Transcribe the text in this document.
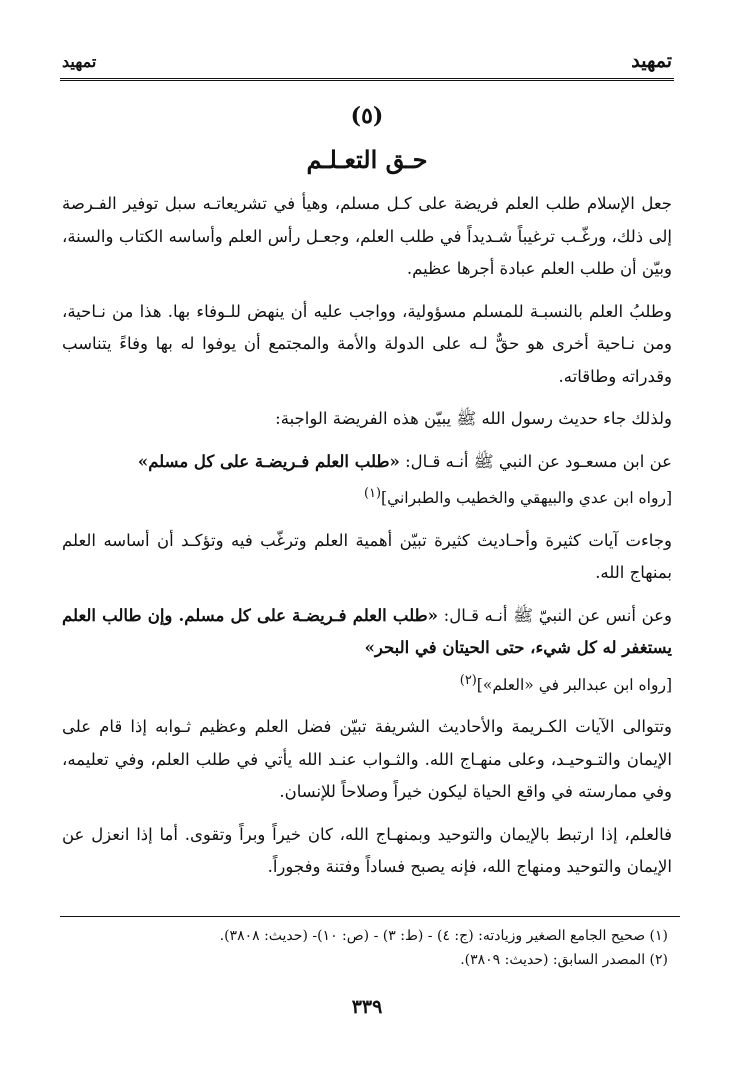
تمهيد
تمهيد
(٥)
حـق التعـلـم

جعل الإسلام طلب العلم فريضة على كـل مسلم، وهيأ في تشريعاتـه سبل توفير الفـرصة إلى ذلك، ورغّـب ترغيباً شـديداً في طلب العلم، وجعـل رأس العلم وأساسه الكتاب والسنة، وبيّن أن طلب العلم عبادة أجرها عظيم.

وطلبُ العلم بالنسبـة للمسلم مسؤولية، وواجب عليه أن ينهض للـوفاء بها. هذا من نـاحية، ومن نـاحية أخرى هو حقٌّ لـه على الدولة والأمة والمجتمع أن يوفوا له بها وفاءً يتناسب وقدراته وطاقاته.

ولذلك جاء حديث رسول الله ﷺ يبيّن هذه الفريضة الواجبة:

عن ابن مسعـود عن النبي ﷺ أنـه قـال: «طلب العلم فـريضـة على كل مسلم»
[رواه ابن عدي والبيهقي والخطيب والطبراني]$^{(١)}$

وجاءت آيات كثيرة وأحـاديث كثيرة تبيّن أهمية العلم وترغّب فيه وتؤكـد أن أساسه العلم بمنهاج الله.

وعن أنس عن النبيّ ﷺ أنـه قـال: «طلب العلم فـريضـة على كل مسلم. وإن طالب العلم يستغفر له كل شيء، حتى الحيتان في البحر»
[رواه ابن عبدالبر في «العلم»]$^{(٢)}$

وتتوالى الآيات الكـريمة والأحاديث الشريفة تبيّن فضل العلم وعظيم ثـوابه إذا قام على الإيمان والتـوحيـد، وعلى منهـاج الله. والثـواب عنـد الله يأتي في طلب العلم، وفي تعليمه، وفي ممارسته في واقع الحياة ليكون خيراً وصلاحاً للإنسان.

فالعلم، إذا ارتبط بالإيمان والتوحيد وبمنهـاج الله، كان خيراً وبراً وتقوى. أما إذا انعزل عن الإيمان والتوحيد ومنهاج الله، فإنه يصبح فساداً وفتنة وفجوراً.

(١) صحيح الجامع الصغير وزيادته: (ج: ٤) - (ط: ٣) - (ص: ١٠)- (حديث: ٣٨٠٨).
(٢) المصدر السابق: (حديث: ٣٨٠٩).
٣٣٩
